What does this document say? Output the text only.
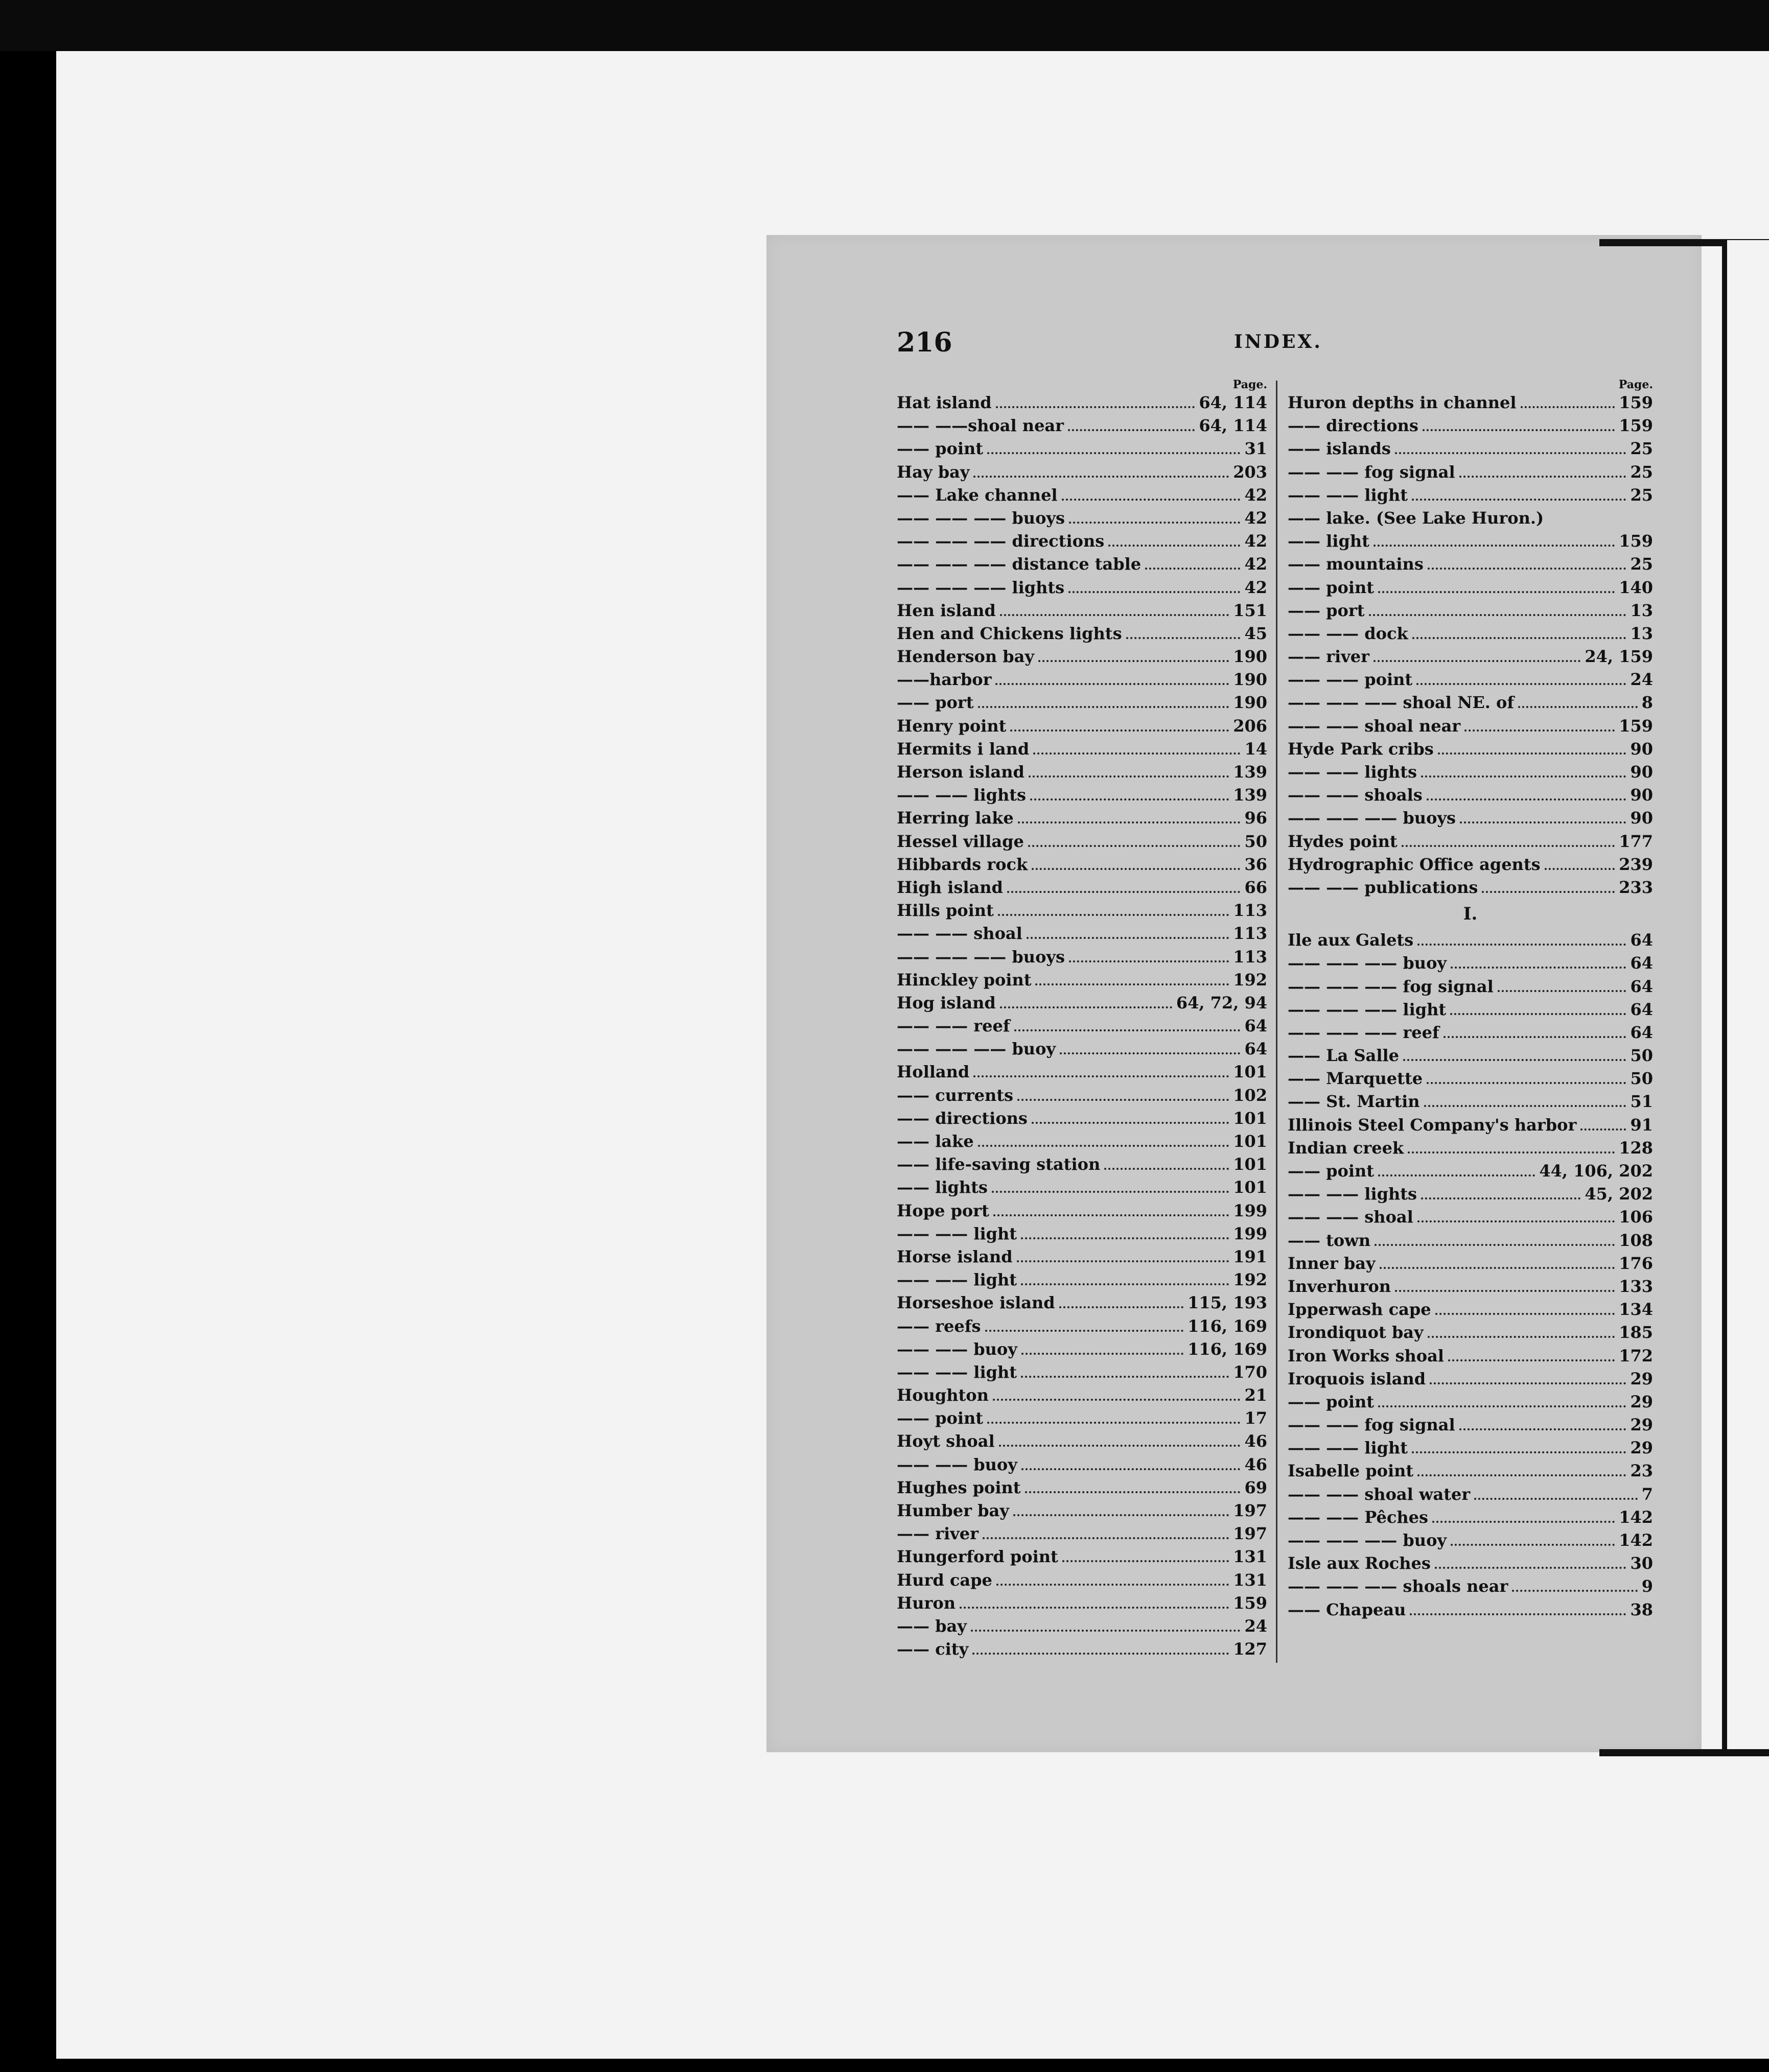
216	INDEX.
Page.
Hat island	64, 114
—— ——shoal near	64, 114
—— point	31
Hay bay	203
—— Lake channel	42
—— —— —— buoys	42
—— —— —— directions	42
—— —— —— distance table	42
—— —— —— lights	42
Hen island	151
Hen and Chickens lights	45
Henderson bay	190
——harbor	190
—— port	190
Henry point	206
Hermits i land	14
Herson island	139
—— —— lights	139
Herring lake	96
Hessel village	50
Hibbards rock	36
High island	66
Hills point	113
—— —— shoal	113
—— —— —— buoys	113
Hinckley point	192
Hog island	64, 72, 94
—— —— reef	64
—— —— —— buoy	64
Holland	101
—— currents	102
—— directions	101
—— lake	101
—— life-saving station	101
—— lights	101
Hope port	199
—— —— light	199
Horse island	191
—— —— light	192
Horseshoe island	115, 193
—— reefs	116, 169
—— —— buoy	116, 169
—— —— light	170
Houghton	21
—— point	17
Hoyt shoal	46
—— —— buoy	46
Hughes point	69
Humber bay	197
—— river	197
Hungerford point	131
Hurd cape	131
Huron	159
—— bay	24
—— city	127
Page.
Huron depths in channel	159
—— directions	159
—— islands	25
—— —— fog signal	25
—— —— light	25
—— lake. (See Lake Huron.)
—— light	159
—— mountains	25
—— point	140
—— port	13
—— —— dock	13
—— river	24, 159
—— —— point	24
—— —— —— shoal NE. of	8
—— —— shoal near	159
Hyde Park cribs	90
—— —— lights	90
—— —— shoals	90
—— —— —— buoys	90
Hydes point	177
Hydrographic Office agents	239
—— —— publications	233
I.
Ile aux Galets	64
—— —— —— buoy	64
—— —— —— fog signal	64
—— —— —— light	64
—— —— —— reef	64
—— La Salle	50
—— Marquette	50
—— St. Martin	51
Illinois Steel Company's harbor	91
Indian creek	128
—— point	44, 106, 202
—— —— lights	45, 202
—— —— shoal	106
—— town	108
Inner bay	176
Inverhuron	133
Ipperwash cape	134
Irondiquot bay	185
Iron Works shoal	172
Iroquois island	29
—— point	29
—— —— fog signal	29
—— —— light	29
Isabelle point	23
—— —— shoal water	7
—— —— Pêches	142
—— —— —— buoy	142
Isle aux Roches	30
—— —— —— shoals near	9
—— Chapeau	38
